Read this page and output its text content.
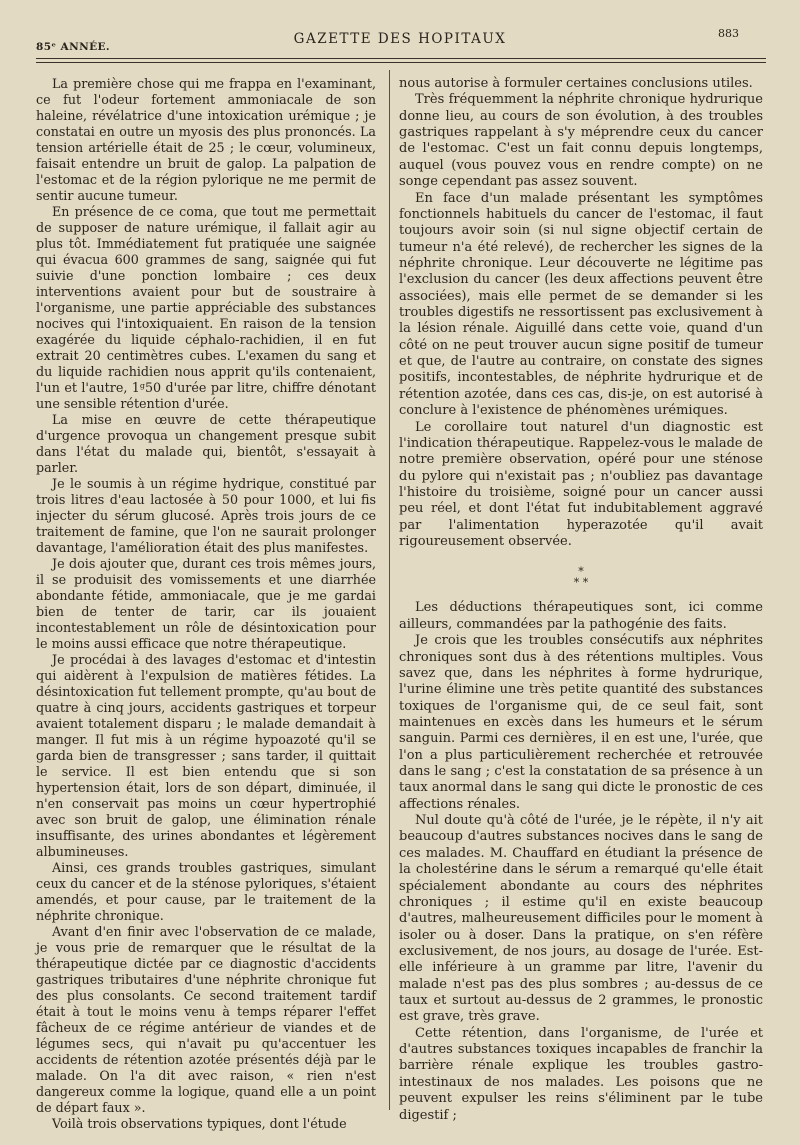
85ᵉ ANNÉE.	GAZETTE DES HOPITAUX	883

La première chose qui me frappa en l'examinant, ce fut l'odeur fortement ammoniacale de son haleine, révélatrice d'une intoxication urémique ; je constatai en outre un myosis des plus prononcés. La tension artérielle était de 25 ; le cœur, volumineux, faisait entendre un bruit de galop. La palpation de l'estomac et de la région pylorique ne me permit de sentir aucune tumeur.

En présence de ce coma, que tout me permettait de supposer de nature urémique, il fallait agir au plus tôt. Immédiatement fut pratiquée une saignée qui évacua 600 grammes de sang, saignée qui fut suivie d'une ponction lombaire ; ces deux interventions avaient pour but de soustraire à l'organisme, une partie appréciable des substances nocives qui l'intoxiquaient. En raison de la tension exagérée du liquide céphalo-rachidien, il en fut extrait 20 centimètres cubes. L'examen du sang et du liquide rachidien nous apprit qu'ils contenaient, l'un et l'autre, 1ᵍ50 d'urée par litre, chiffre dénotant une sensible rétention d'urée.

La mise en œuvre de cette thérapeutique d'urgence provoqua un changement presque subit dans l'état du malade qui, bientôt, s'essayait à parler.

Je le soumis à un régime hydrique, constitué par trois litres d'eau lactosée à 50 pour 1000, et lui fis injecter du sérum glucosé. Après trois jours de ce traitement de famine, que l'on ne saurait prolonger davantage, l'amélioration était des plus manifestes.

Je dois ajouter que, durant ces trois mêmes jours, il se produisit des vomissements et une diarrhée abondante fétide, ammoniacale, que je me gardai bien de tenter de tarir, car ils jouaient incontestablement un rôle de désintoxication pour le moins aussi efficace que notre thérapeutique.

Je procédai à des lavages d'estomac et d'intestin qui aidèrent à l'expulsion de matières fétides. La désintoxication fut tellement prompte, qu'au bout de quatre à cinq jours, accidents gastriques et torpeur avaient totalement disparu ; le malade demandait à manger. Il fut mis à un régime hypoazoté qu'il se garda bien de transgresser ; sans tarder, il quittait le service. Il est bien entendu que si son hypertension était, lors de son départ, diminuée, il n'en conservait pas moins un cœur hypertrophié avec son bruit de galop, une élimination rénale insuffisante, des urines abondantes et légèrement albumineuses.

Ainsi, ces grands troubles gastriques, simulant ceux du cancer et de la sténose pyloriques, s'étaient amendés, et pour cause, par le traitement de la néphrite chronique.

Avant d'en finir avec l'observation de ce malade, je vous prie de remarquer que le résultat de la thérapeutique dictée par ce diagnostic d'accidents gastriques tributaires d'une néphrite chronique fut des plus consolants. Ce second traitement tardif était à tout le moins venu à temps réparer l'effet fâcheux de ce régime antérieur de viandes et de légumes secs, qui n'avait pu qu'accentuer les accidents de rétention azotée présentés déjà par le malade. On l'a dit avec raison, « rien n'est dangereux comme la logique, quand elle a un point de départ faux ».

Voilà trois observations typiques, dont l'étude

nous autorise à formuler certaines conclusions utiles.

Très fréquemment la néphrite chronique hydrurique donne lieu, au cours de son évolution, à des troubles gastriques rappelant à s'y méprendre ceux du cancer de l'estomac. C'est un fait connu depuis longtemps, auquel (vous pouvez vous en rendre compte) on ne songe cependant pas assez souvent.

En face d'un malade présentant les symptômes fonctionnels habituels du cancer de l'estomac, il faut toujours avoir soin (si nul signe objectif certain de tumeur n'a été relevé), de rechercher les signes de la néphrite chronique. Leur découverte ne légitime pas l'exclusion du cancer (les deux affections peuvent être associées), mais elle permet de se demander si les troubles digestifs ne ressortissent pas exclusivement à la lésion rénale. Aiguillé dans cette voie, quand d'un côté on ne peut trouver aucun signe positif de tumeur et que, de l'autre au contraire, on constate des signes positifs, incontestables, de néphrite hydrurique et de rétention azotée, dans ces cas, dis-je, on est autorisé à conclure à l'existence de phénomènes urémiques.

Le corollaire tout naturel d'un diagnostic est l'indication thérapeutique. Rappelez-vous le malade de notre première observation, opéré pour une sténose du pylore qui n'existait pas ; n'oubliez pas davantage l'histoire du troisième, soigné pour un cancer aussi peu réel, et dont l'état fut indubitablement aggravé par l'alimentation hyperazotée qu'il avait rigoureusement observée.

*
* *

Les déductions thérapeutiques sont, ici comme ailleurs, commandées par la pathogénie des faits.

Je crois que les troubles consécutifs aux néphrites chroniques sont dus à des rétentions multiples. Vous savez que, dans les néphrites à forme hydrurique, l'urine élimine une très petite quantité des substances toxiques de l'organisme qui, de ce seul fait, sont maintenues en excès dans les humeurs et le sérum sanguin. Parmi ces dernières, il en est une, l'urée, que l'on a plus particulièrement recherchée et retrouvée dans le sang ; c'est la constatation de sa présence à un taux anormal dans le sang qui dicte le pronostic de ces affections rénales.

Nul doute qu'à côté de l'urée, je le répète, il n'y ait beaucoup d'autres substances nocives dans le sang de ces malades. M. Chauffard en étudiant la présence de la cholestérine dans le sérum a remarqué qu'elle était spécialement abondante au cours des néphrites chroniques ; il estime qu'il en existe beaucoup d'autres, malheureusement difficiles pour le moment à isoler ou à doser. Dans la pratique, on s'en réfère exclusivement, de nos jours, au dosage de l'urée. Est-elle inférieure à un gramme par litre, l'avenir du malade n'est pas des plus sombres ; au-dessus de ce taux et surtout au-dessus de 2 grammes, le pronostic est grave, très grave.

Cette rétention, dans l'organisme, de l'urée et d'autres substances toxiques incapables de franchir la barrière rénale explique les troubles gastro-intestinaux de nos malades. Les poisons que ne peuvent expulser les reins s'éliminent par le tube digestif ;
